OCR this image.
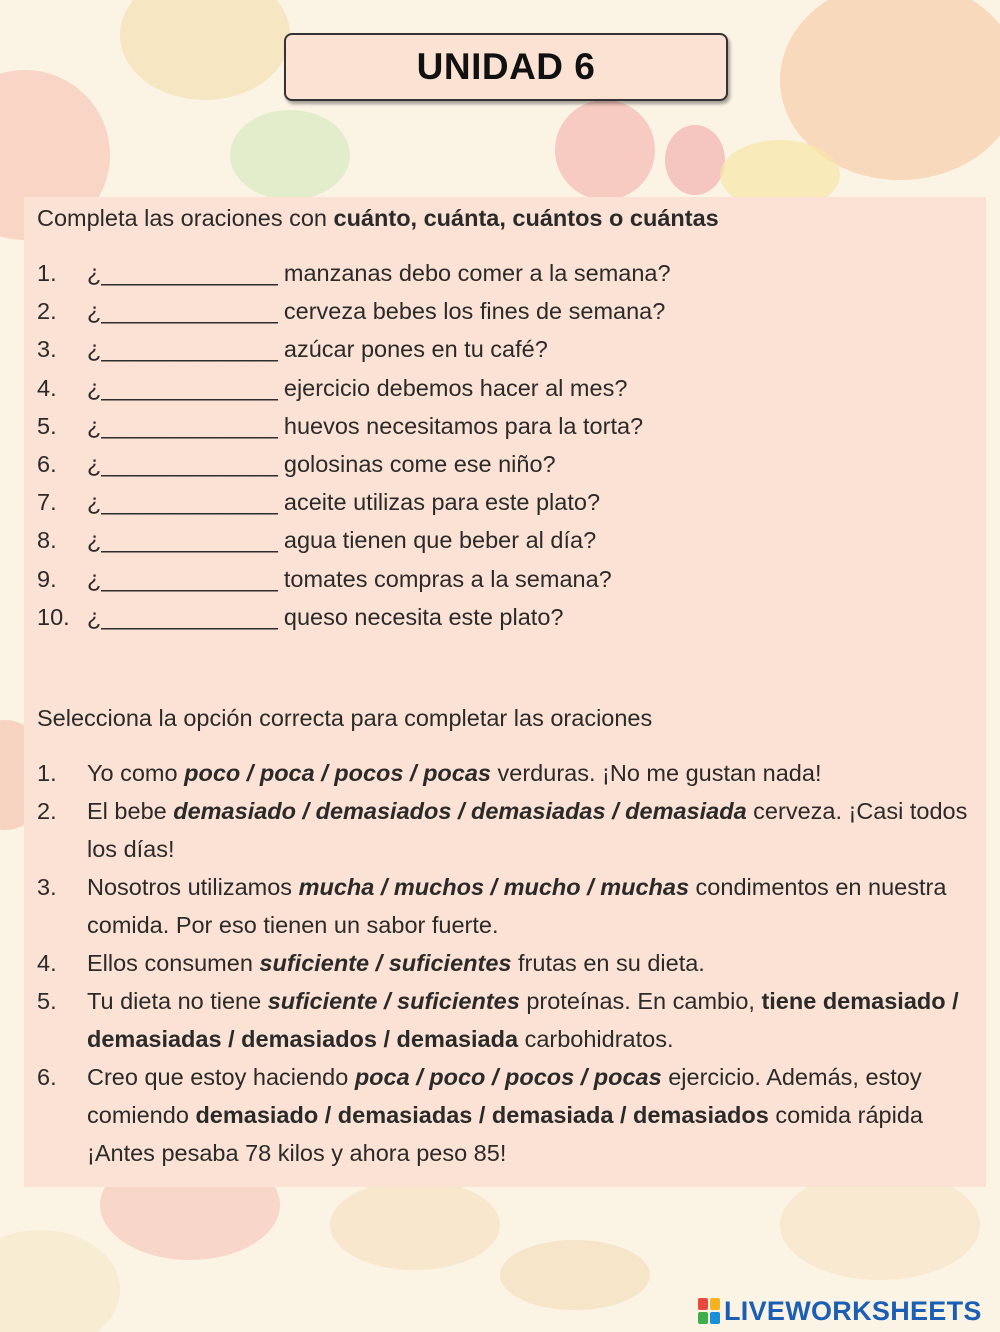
UNIDAD 6
Completa las oraciones con cuánto, cuánta, cuántos o cuántas
1. ¿______________ manzanas debo comer a la semana?
2. ¿______________ cerveza bebes los fines de semana?
3. ¿______________ azúcar pones en tu café?
4. ¿______________ ejercicio debemos hacer al mes?
5. ¿______________ huevos necesitamos para la torta?
6. ¿______________ golosinas come ese niño?
7. ¿______________ aceite utilizas para este plato?
8. ¿______________ agua tienen que beber al día?
9. ¿______________ tomates compras a la semana?
10. ¿______________ queso necesita este plato?
Selecciona la opción correcta para completar las oraciones
1. Yo como poco / poca / pocos / pocas verduras. ¡No me gustan nada!
2. El bebe demasiado / demasiados / demasiadas / demasiada cerveza. ¡Casi todos los días!
3. Nosotros utilizamos mucha / muchos / mucho / muchas condimentos en nuestra comida. Por eso tienen un sabor fuerte.
4. Ellos consumen suficiente / suficientes frutas en su dieta.
5. Tu dieta no tiene suficiente / suficientes proteínas. En cambio, tiene demasiado / demasiadas / demasiados / demasiada carbohidratos.
6. Creo que estoy haciendo poca / poco / pocos / pocas ejercicio. Además, estoy comiendo demasiado / demasiadas / demasiada / demasiados comida rápida ¡Antes pesaba 78 kilos y ahora peso 85!
LIVEWORKSHEETS
